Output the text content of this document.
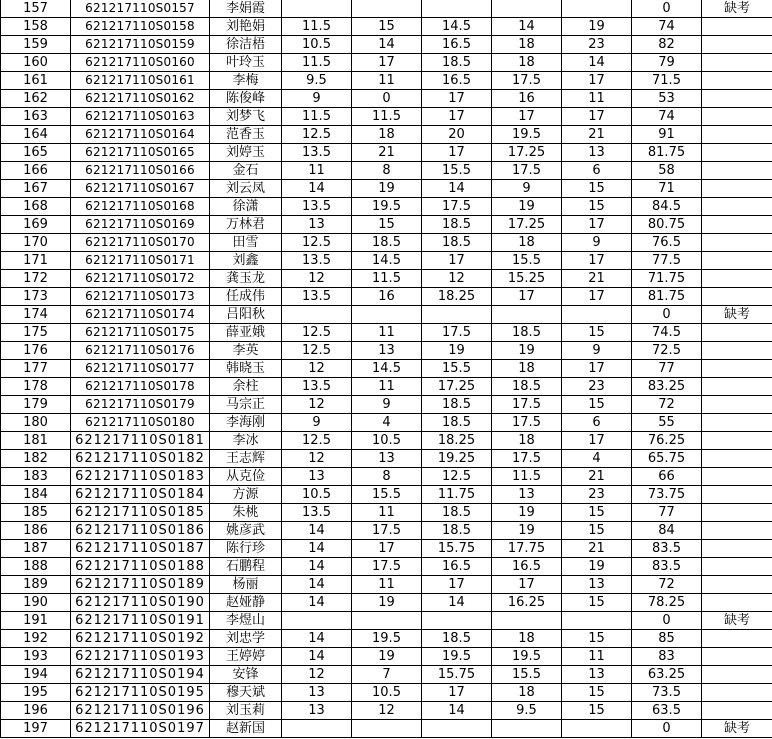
157	621217110S0157	李娟霞						0	缺考
158	621217110S0158	刘艳娟	11.5	15	14.5	14	19	74	
159	621217110S0159	徐洁梧	10.5	14	16.5	18	23	82	
160	621217110S0160	叶玲玉	11.5	17	18.5	18	14	79	
161	621217110S0161	李梅	9.5	11	16.5	17.5	17	71.5	
162	621217110S0162	陈俊峰	9	0	17	16	11	53	
163	621217110S0163	刘梦飞	11.5	11.5	17	17	17	74	
164	621217110S0164	范香玉	12.5	18	20	19.5	21	91	
165	621217110S0165	刘婷玉	13.5	21	17	17.25	13	81.75	
166	621217110S0166	金石	11	8	15.5	17.5	6	58	
167	621217110S0167	刘云凤	14	19	14	9	15	71	
168	621217110S0168	徐潇	13.5	19.5	17.5	19	15	84.5	
169	621217110S0169	万林君	13	15	18.5	17.25	17	80.75	
170	621217110S0170	田雪	12.5	18.5	18.5	18	9	76.5	
171	621217110S0171	刘鑫	13.5	14.5	17	15.5	17	77.5	
172	621217110S0172	龚玉龙	12	11.5	12	15.25	21	71.75	
173	621217110S0173	任成伟	13.5	16	18.25	17	17	81.75	
174	621217110S0174	吕阳秋						0	缺考
175	621217110S0175	薛亚娥	12.5	11	17.5	18.5	15	74.5	
176	621217110S0176	李英	12.5	13	19	19	9	72.5	
177	621217110S0177	韩晓玉	12	14.5	15.5	18	17	77	
178	621217110S0178	余柱	13.5	11	17.25	18.5	23	83.25	
179	621217110S0179	马宗正	12	9	18.5	17.5	15	72	
180	621217110S0180	李海刚	9	4	18.5	17.5	6	55	
181	621217110S0181	李冰	12.5	10.5	18.25	18	17	76.25	
182	621217110S0182	王志辉	12	13	19.25	17.5	4	65.75	
183	621217110S0183	从克俭	13	8	12.5	11.5	21	66	
184	621217110S0184	方源	10.5	15.5	11.75	13	23	73.75	
185	621217110S0185	朱桃	13.5	11	18.5	19	15	77	
186	621217110S0186	姚彦武	14	17.5	18.5	19	15	84	
187	621217110S0187	陈行珍	14	17	15.75	17.75	21	83.5	
188	621217110S0188	石鹏程	14	17.5	16.5	16.5	19	83.5	
189	621217110S0189	杨丽	14	11	17	17	13	72	
190	621217110S0190	赵娅静	14	19	14	16.25	15	78.25	
191	621217110S0191	李煜山						0	缺考
192	621217110S0192	刘忠学	14	19.5	18.5	18	15	85	
193	621217110S0193	王婷婷	14	19	19.5	19.5	11	83	
194	621217110S0194	安锋	12	7	15.75	15.5	13	63.25	
195	621217110S0195	穆天斌	13	10.5	17	18	15	73.5	
196	621217110S0196	刘玉莉	13	12	14	9.5	15	63.5	
197	621217110S0197	赵新国						0	缺考
